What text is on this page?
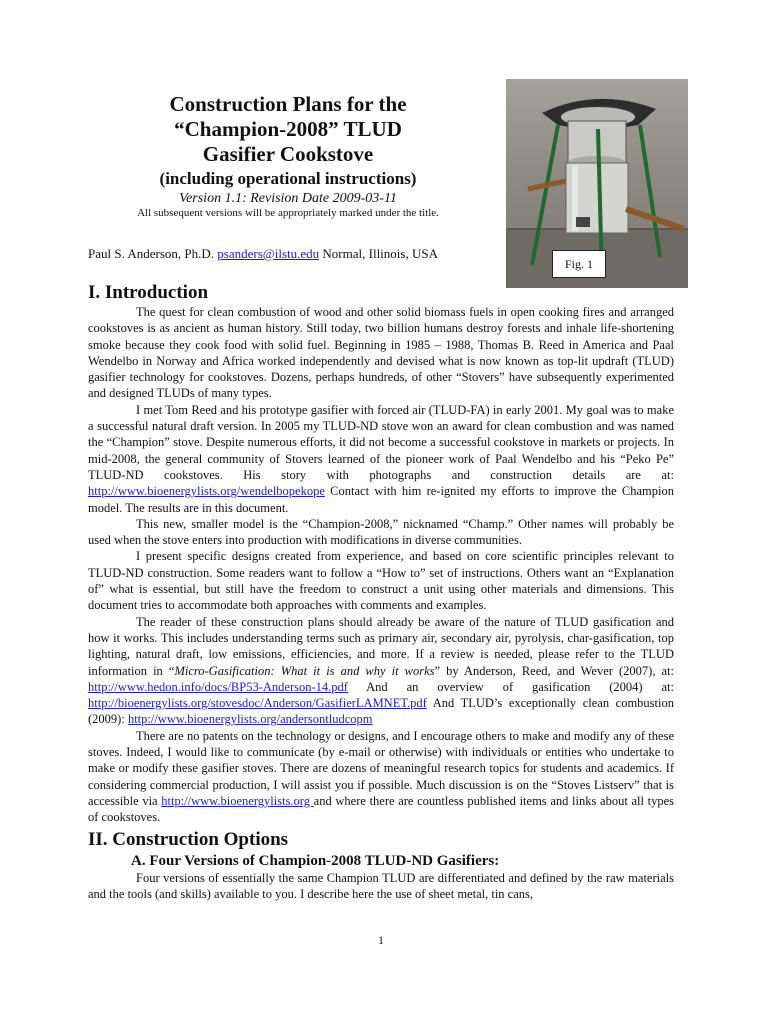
Construction Plans for the
“Champion-2008” TLUD
Gasifier Cookstove
(including operational instructions)
Version 1.1: Revision Date 2009-03-11
All subsequent versions will be appropriately marked under the title.
Paul S. Anderson, Ph.D. psanders@ilstu.edu Normal, Illinois, USA
Fig. 1
I. Introduction

The quest for clean combustion of wood and other solid biomass fuels in open cooking fires and arranged cookstoves is as ancient as human history. Still today, two billion humans destroy forests and inhale life-shortening smoke because they cook food with solid fuel. Beginning in 1985 – 1988, Thomas B. Reed in America and Paal Wendelbo in Norway and Africa worked independently and devised what is now known as top-lit updraft (TLUD) gasifier technology for cookstoves. Dozens, perhaps hundreds, of other “Stovers” have subsequently experimented and designed TLUDs of many types.

I met Tom Reed and his prototype gasifier with forced air (TLUD-FA) in early 2001. My goal was to make a successful natural draft version. In 2005 my TLUD-ND stove won an award for clean combustion and was named the “Champion” stove. Despite numerous efforts, it did not become a successful cookstove in markets or projects. In mid-2008, the general community of Stovers learned of the pioneer work of Paal Wendelbo and his “Peko Pe” TLUD-ND cookstoves. His story with photographs and construction details are at: http://www.bioenergylists.org/wendelbopekope Contact with him re-ignited my efforts to improve the Champion model. The results are in this document.

This new, smaller model is the “Champion-2008,” nicknamed “Champ.” Other names will probably be used when the stove enters into production with modifications in diverse communities.

I present specific designs created from experience, and based on core scientific principles relevant to TLUD-ND construction. Some readers want to follow a “How to” set of instructions. Others want an “Explanation of” what is essential, but still have the freedom to construct a unit using other materials and dimensions. This document tries to accommodate both approaches with comments and examples.

The reader of these construction plans should already be aware of the nature of TLUD gasification and how it works. This includes understanding terms such as primary air, secondary air, pyrolysis, char-gasification, top lighting, natural draft, low emissions, efficiencies, and more. If a review is needed, please refer to the TLUD information in “Micro-Gasification: What it is and why it works” by Anderson, Reed, and Wever (2007), at: http://www.hedon.info/docs/BP53-Anderson-14.pdf And an overview of gasification (2004) at: http://bioenergylists.org/stovesdoc/Anderson/GasifierLAMNET.pdf And TLUD’s exceptionally clean combustion (2009): http://www.bioenergylists.org/andersontludcopm

There are no patents on the technology or designs, and I encourage others to make and modify any of these stoves. Indeed, I would like to communicate (by e-mail or otherwise) with individuals or entities who undertake to make or modify these gasifier stoves. There are dozens of meaningful research topics for students and academics. If considering commercial production, I will assist you if possible. Much discussion is on the “Stoves Listserv” that is accessible via http://www.bioenergylists.org and where there are countless published items and links about all types of cookstoves.

II. Construction Options
A. Four Versions of Champion-2008 TLUD-ND Gasifiers:

Four versions of essentially the same Champion TLUD are differentiated and defined by the raw materials and the tools (and skills) available to you. I describe here the use of sheet metal, tin cans,

1
